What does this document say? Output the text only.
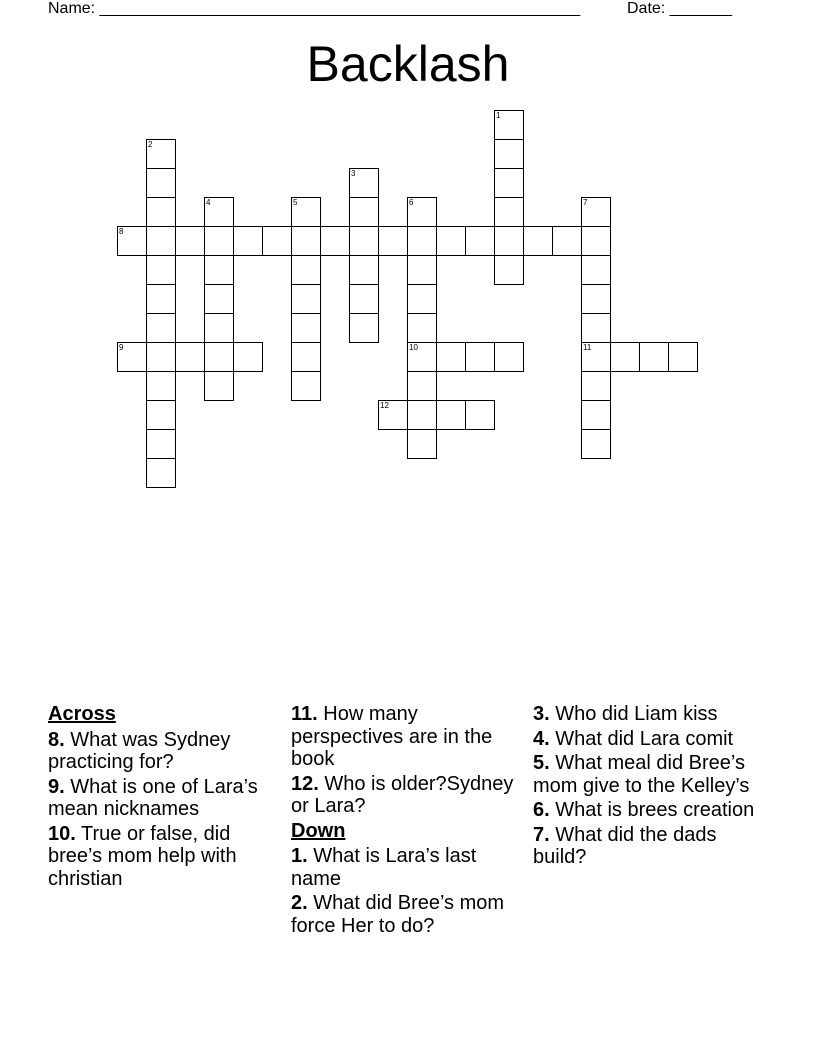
Name: ______________________________________________________	Date: _______
Backlash
1
2
3
4	5	6
10
7
11
8
9
12
Across
8. What was Sydney practicing for?
9. What is one of Lara’s mean nicknames
10. True or false, did bree’s mom help with christian
11. How many perspectives are in the book
12. Who is older?Sydney or Lara?
Down
1. What is Lara’s last name
2. What did Bree’s mom force Her to do?
3. Who did Liam kiss
4. What did Lara comit
5. What meal did Bree’s mom give to the Kelley’s
6. What is brees creation
7. What did the dads build?
